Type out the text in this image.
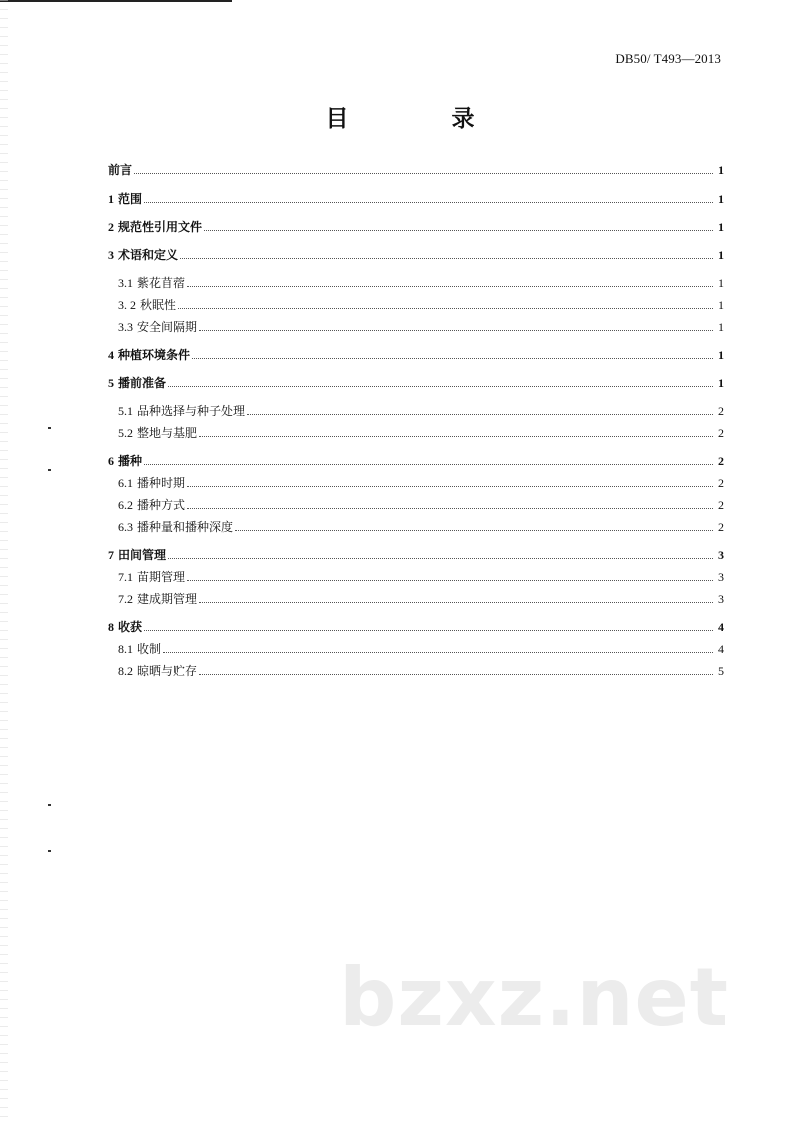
DB50/ T493—2013
目　录
前言	1
1 范围	1
2 规范性引用文件	1
3 术语和定义	1
3.1 紫花苜蓿	1
3. 2 秋眠性	1
3.3 安全间隔期	1
4 种植环境条件	1
5 播前准备	1
5.1 品种选择与种子处理	2
5.2 整地与基肥	2
6 播种	2
6.1 播种时期	2
6.2 播种方式	2
6.3 播种量和播种深度	2
7 田间管理	3
7.1 苗期管理	3
7.2 建成期管理	3
8 收获	4
8.1 收制	4
8.2 晾晒与贮存	5
bzxz.net
